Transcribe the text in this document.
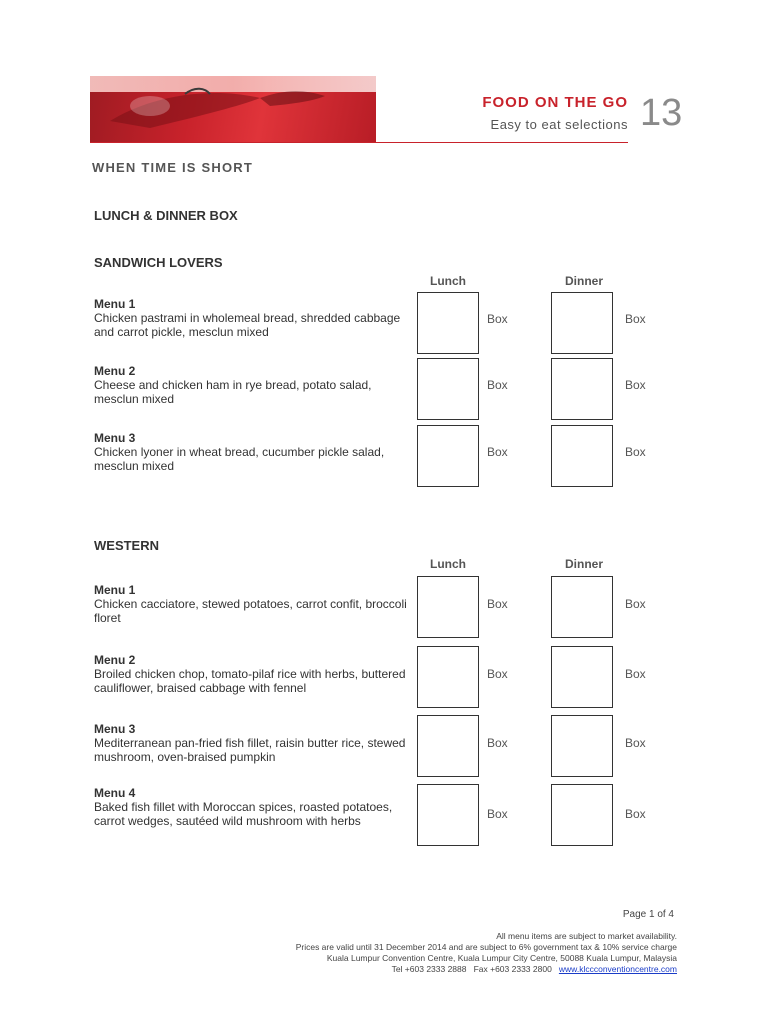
FOOD ON THE GO
Easy to eat selections 13
WHEN TIME IS SHORT
LUNCH & DINNER BOX
SANDWICH LOVERS
Lunch	Dinner
Menu 1
Chicken pastrami in wholemeal bread, shredded cabbage and carrot pickle, mesclun mixed
Box	Box
Menu 2
Cheese and chicken ham in rye bread, potato salad, mesclun mixed
Box	Box
Menu 3
Chicken lyoner in wheat bread, cucumber pickle salad, mesclun mixed
Box	Box
WESTERN
Lunch	Dinner
Menu 1
Chicken cacciatore, stewed potatoes, carrot confit, broccoli floret
Box	Box
Menu 2
Broiled chicken chop, tomato-pilaf rice with herbs, buttered cauliflower, braised cabbage with fennel
Box	Box
Menu 3
Mediterranean pan-fried fish fillet, raisin butter rice, stewed mushroom, oven-braised pumpkin
Box	Box
Menu 4
Baked fish fillet with Moroccan spices, roasted potatoes, carrot wedges, sautéed wild mushroom with herbs	Box	Box
Page 1 of 4
All menu items are subject to market availability.
Prices are valid until 31 December 2014 and are subject to 6% government tax & 10% service charge
Kuala Lumpur Convention Centre, Kuala Lumpur City Centre, 50088 Kuala Lumpur, Malaysia
Tel +603 2333 2888   Fax +603 2333 2800   www.klccconventioncentre.com
